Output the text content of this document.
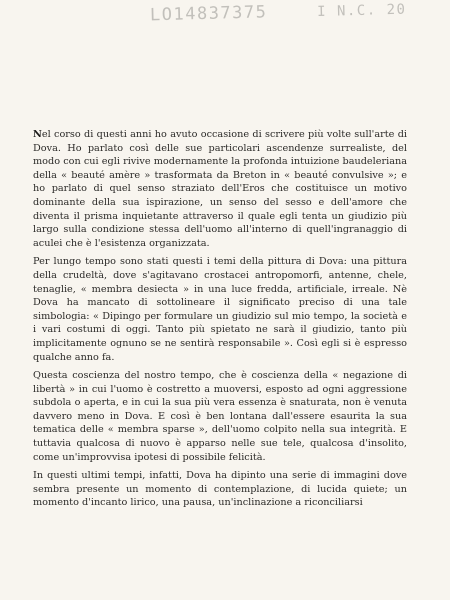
LO14837375	I N.C. 20

Nel corso di questi anni ho avuto occasione di scrivere più volte sull'arte di Dova. Ho parlato così delle sue particolari ascendenze surrealiste, del modo con cui egli rivive modernamente la profonda intuizione baudeleriana della « beauté amère » trasformata da Breton in « beauté convulsive »; e ho parlato di quel senso straziato dell'Eros che costituisce un motivo dominante della sua ispirazione, un senso del sesso e dell'amore che diventa il prisma inquietante attraverso il quale egli tenta un giudizio più largo sulla condizione stessa dell'uomo all'interno di quell'ingranaggio di aculei che è l'esistenza organizzata.

Per lungo tempo sono stati questi i temi della pittura di Dova: una pittura della crudeltà, dove s'agitavano crostacei antropomorfi, antenne, chele, tenaglie, « membra desiecta » in una luce fredda, artificiale, irreale. Nè Dova ha mancato di sottolineare il significato preciso di una tale simbologia: « Dipingo per formulare un giudizio sul mio tempo, la società e i vari costumi di oggi. Tanto più spietato ne sarà il giudizio, tanto più implicitamente ognuno se ne sentirà responsabile ». Così egli si è espresso qualche anno fa.

Questa coscienza del nostro tempo, che è coscienza della « negazione di libertà » in cui l'uomo è costretto a muoversi, esposto ad ogni aggressione subdola o aperta, e in cui la sua più vera essenza è snaturata, non è venuta davvero meno in Dova. E così è ben lontana dall'essere esaurita la sua tematica delle « membra sparse », dell'uomo colpito nella sua integrità. E tuttavia qualcosa di nuovo è apparso nelle sue tele, qualcosa d'insolito, come un'improvvisa ipotesi di possibile felicità.

In questi ultimi tempi, infatti, Dova ha dipinto una serie di immagini dove sembra presente un momento di contemplazione, di lucida quiete; un momento d'incanto lirico, una pausa, un'inclinazione a riconciliarsi
